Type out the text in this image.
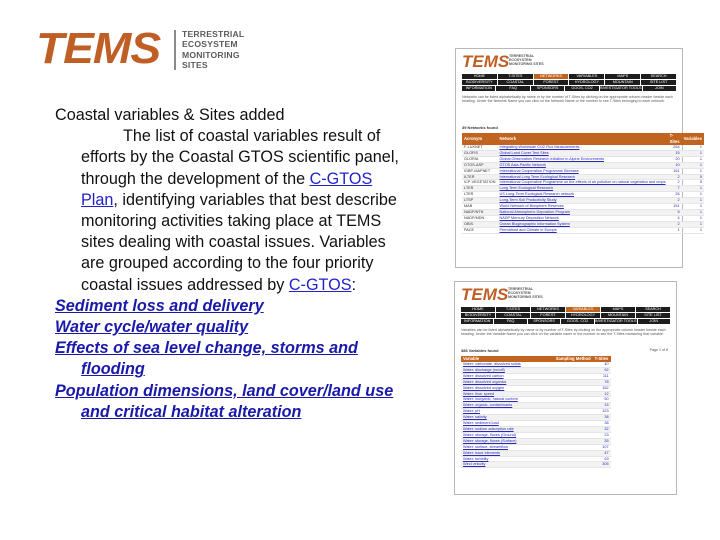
TEMS	TERRESTRIAL
ECOSYSTEM
MONITORING
SITES

Coastal variables & Sites added

The list of coastal variables result of efforts by the Coastal GTOS scientific panel, through the development of the C-GTOS Plan, identifying variables that best describe monitoring activities taking place at TEMS sites dealing with coastal issues. Variables are grouped according to the four priority coastal issues addressed by C-GTOS:

Sediment loss and delivery
Water cycle/water quality
Effects of sea level change, storms and flooding
Population dimensions, land cover/land use and critical habitat alteration
TEMS TERRESTRIAL
ECOSYSTEM
MONITORING SITES
HOME	T-SITES	NETWORKS	VARIABLES	MAPS	SEARCH
BIODIVERSITY	COASTAL	FOREST	HYDROLOGY	MOUNTAIN	SITE LIST
INFORMATION	FAQ	SPONSORS	GOOS, CO2	INVESTIGATOR TOOLS	JOIN
Networks can be listed alphabetically by name or by the number of T-Sites by clicking on the appropriate column header beside each heading. Under the Network Name you can click on the Network Name or the number to see T-Sites belonging to each network.
39 Networks found
Acronym	Network	T-Sites	Variables
F-LUXNET	Integrating Worldwide CO2 Flux Measurements	264	1
GLOFIS	Global Land Cover Test Sites	15	1
GLORIA	Global Observation Research Initiative in Alpine Environments	20	1
GTOS-ASP	GTOS Asia-Pacific Network	10	1
IGBP-MAPNET	International Cooperation Programme Biomass	161	1
ILTER	International Long Term Ecological Research	2	5
ICP-VEGETATION	International Cooperative Programme on the effects of air pollution on natural vegetation and crops	2	5
LTER	Long Term Ecological Research	7	1
LTER	US Long-Term Ecological Research network	26	1
LTSP	Long-Term Soil Productivity Study	2	1
MAB	World Network of Biosphere Reserves	151	1
NADP/NTN	National Atmospheric Deposition Program	5	1
NADP/MDN	NADP Mercury Deposition Network	4	1
OBIS	Ocean Biogeographic Information System	2	1
PACE	Permafrost and Climate in Europe	1	1
TEMS TERRESTRIAL
ECOSYSTEM
MONITORING SITES
HOME	T-SITES	NETWORKS	VARIABLES	MAPS	SEARCH
BIODIVERSITY	COASTAL	FOREST	HYDROLOGY	MOUNTAIN	SITE LIST
INFORMATION	FAQ	SPONSORS	GOOS, CO2	INVESTIGATOR TOOLS	JOIN
Variables can be listed alphabetically by name or by number of T-Sites by clicking on the appropriate column header beside each heading. Under the Variable Name you can click on the variable name or the number to see the T-Sites measuring that variable.
386 Variables found	Page 1 of 8
Variable	Sampling Method	T-Sites
Water: carbonate, dissolved solids		40
Water: discharge (runoff)		92
Water: dissolved carbon		111
Water: dissolved organics		78
Water: dissolved oxygen		152
Water: flow, speed		12
Water: inorganic, natural content		50
Water: organic, contaminants		15
Water: pH		123
Water: salinity		38
Water: sediment load		38
Water: sodium adsorption rate		32
Water: storage, fluxes (Ground)		23
Water: storage, fluxes (Surface)		35
Water: surface, streamflow		107
Water: trace elements		47
Water: turbidity		63
Wind velocity		305
